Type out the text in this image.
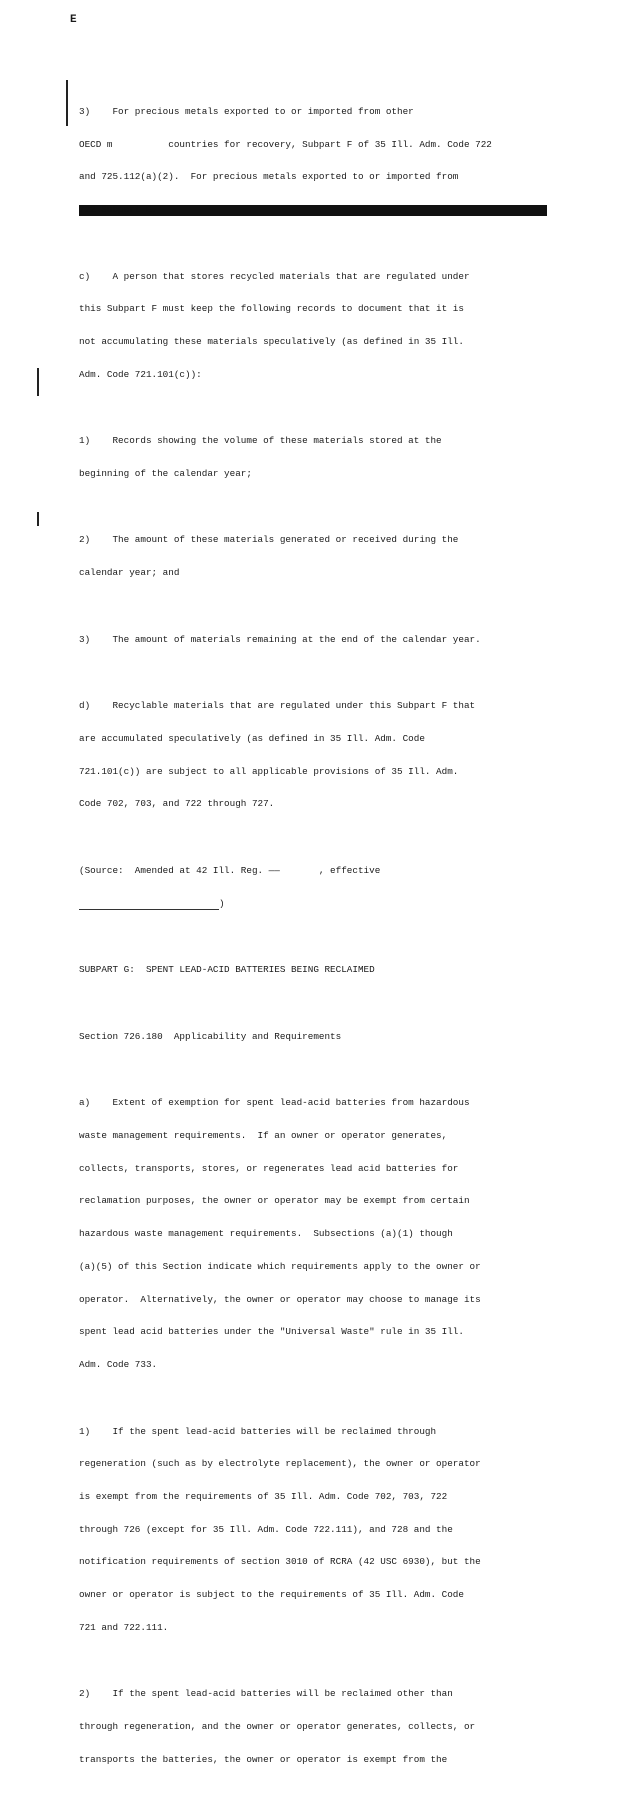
E

3)    For precious metals exported to or imported from other

OECD m          countries for recovery, Subpart F of 35 Ill. Adm. Code 722

and 725.112(a)(2).  For precious metals exported to or imported from

722.Subpart E.

c)    A person that stores recycled materials that are regulated under

this Subpart F must keep the following records to document that it is

not accumulating these materials speculatively (as defined in 35 Ill.

Adm. Code 721.101(c)):

1)    Records showing the volume of these materials stored at the

beginning of the calendar year;

2)    The amount of these materials generated or received during the

calendar year; and

3)    The amount of materials remaining at the end of the calendar year.

d)    Recyclable materials that are regulated under this Subpart F that

are accumulated speculatively (as defined in 35 Ill. Adm. Code

721.101(c)) are subject to all applicable provisions of 35 Ill. Adm.

Code 702, 703, and 722 through 727.

(Source:  Amended at 42 Ill. Reg. ——       , effective

)

SUBPART G:  SPENT LEAD-ACID BATTERIES BEING RECLAIMED

Section 726.180  Applicability and Requirements

a)    Extent of exemption for spent lead-acid batteries from hazardous

waste management requirements.  If an owner or operator generates,

collects, transports, stores, or regenerates lead acid batteries for

reclamation purposes, the owner or operator may be exempt from certain

hazardous waste management requirements.  Subsections (a)(1) though

(a)(5) of this Section indicate which requirements apply to the owner or

operator.  Alternatively, the owner or operator may choose to manage its

spent lead acid batteries under the "Universal Waste" rule in 35 Ill.

Adm. Code 733.

1)    If the spent lead-acid batteries will be reclaimed through

regeneration (such as by electrolyte replacement), the owner or operator

is exempt from the requirements of 35 Ill. Adm. Code 702, 703, 722

through 726 (except for 35 Ill. Adm. Code 722.111), and 728 and the

notification requirements of section 3010 of RCRA (42 USC 6930), but the

owner or operator is subject to the requirements of 35 Ill. Adm. Code

721 and 722.111.

2)    If the spent lead-acid batteries will be reclaimed other than

through regeneration, and the owner or operator generates, collects, or

transports the batteries, the owner or operator is exempt from the
